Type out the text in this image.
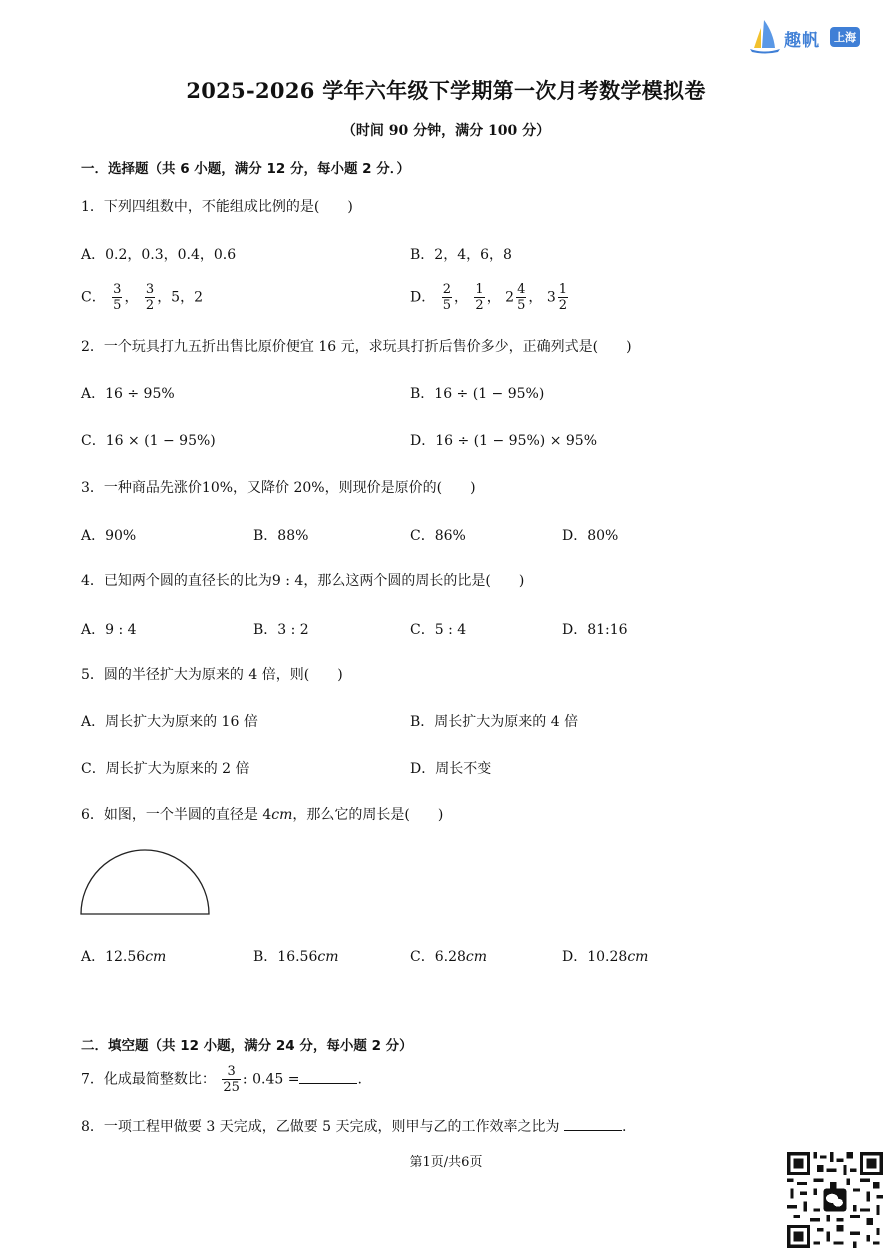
趣帆	上海
2025-2026 学年六年级下学期第一次月考数学模拟卷
（时间 90 分钟，满分 100 分）
一．选择题（共 6 小题，满分 12 分，每小题 2 分．）
1．下列四组数中，不能组成比例的是( )
A．0.2，0.3，0.4，0.6	B．2，4，6，8
C． $\frac{3}{5}$ ， $\frac{3}{2}$ ，5，2	D． $\frac{2}{5}$ ， $\frac{1}{2}$ ， $2 \frac{4}{5}$ ， $3 \frac{1}{2}$
2．一个玩具打九五折出售比原价便宜 16 元，求玩具打折后售价多少，正确列式是( )
A．16 ÷ 95%	B．16 ÷ (1 − 95%)
C．16 × (1 − 95%)	D．16 ÷ (1 − 95%) × 95%
3．一种商品先涨价10%，又降价 20%，则现价是原价的( )
A．90%	B．88%	C．86%	D．80%
4．已知两个圆的直径长的比为9 : 4，那么这两个圆的周长的比是( )
A．9 : 4	B．3 : 2	C．5 : 4	D．81:16
5．圆的半径扩大为原来的 4 倍，则( )
A．周长扩大为原来的 16 倍	B．周长扩大为原来的 4 倍
C．周长扩大为原来的 2 倍	D．周长不变
6．如图，一个半圆的直径是 4cm，那么它的周长是( )
A．12.56cm	B．16.56cm	C．6.28cm	D．10.28cm
二．填空题（共 12 小题，满分 24 分，每小题 2 分）
7．化成最简整数比： $\frac{3}{25}$ : 0.45 =	.
8．一项工程甲做要 3 天完成，乙做要 5 天完成，则甲与乙的工作效率之比为	.
第1页/共6页
